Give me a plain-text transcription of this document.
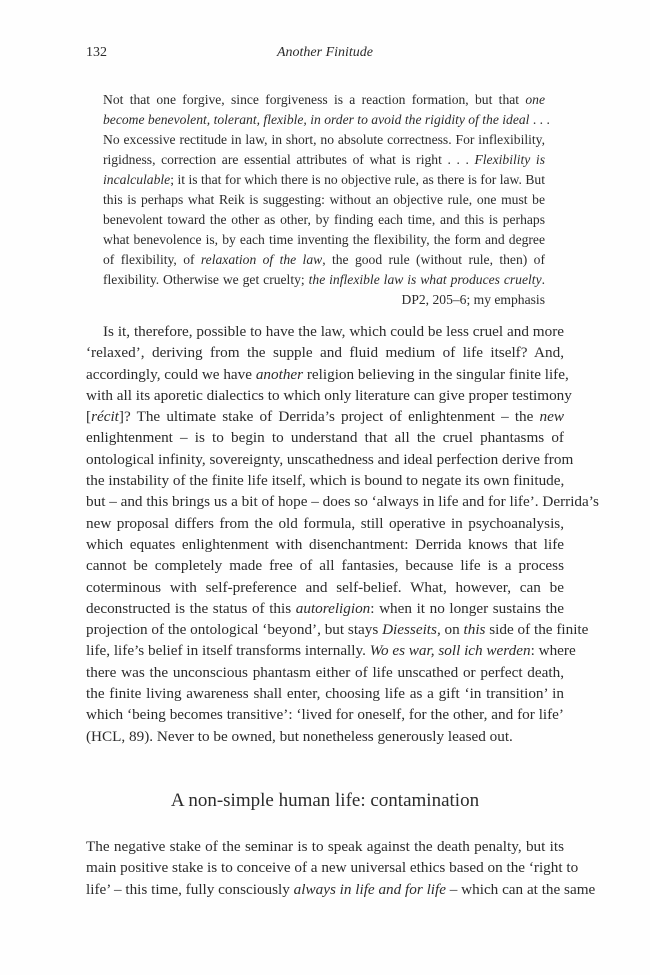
132	Another Finitude
Not that one forgive, since forgiveness is a reaction formation, but that one
become benevolent, tolerant, flexible, in order to avoid the rigidity of the ideal . . .
No excessive rectitude in law, in short, no absolute correctness. For inflexibility,
rigidness, correction are essential attributes of what is right . . . Flexibility is
incalculable; it is that for which there is no objective rule, as there is for law. But
this is perhaps what Reik is suggesting: without an objective rule, one must be
benevolent toward the other as other, by finding each time, and this is perhaps
what benevolence is, by each time inventing the flexibility, the form and degree
of flexibility, of relaxation of the law, the good rule (without rule, then) of
flexibility. Otherwise we get cruelty; the inflexible law is what produces cruelty.
DP2, 205–6; my emphasis
Is it, therefore, possible to have the law, which could be less cruel and more
‘relaxed’, deriving from the supple and fluid medium of life itself? And,
accordingly, could we have another religion believing in the singular finite life,
with all its aporetic dialectics to which only literature can give proper testimony
[récit]? The ultimate stake of Derrida’s project of enlightenment – the new
enlightenment – is to begin to understand that all the cruel phantasms of
ontological infinity, sovereignty, unscathedness and ideal perfection derive from
the instability of the finite life itself, which is bound to negate its own finitude,
but – and this brings us a bit of hope – does so ‘always in life and for life’. Derrida’s
new proposal differs from the old formula, still operative in psychoanalysis,
which equates enlightenment with disenchantment: Derrida knows that life
cannot be completely made free of all fantasies, because life is a process
coterminous with self-preference and self-belief. What, however, can be
deconstructed is the status of this autoreligion: when it no longer sustains the
projection of the ontological ‘beyond’, but stays Diesseits, on this side of the finite
life, life’s belief in itself transforms internally. Wo es war, soll ich werden: where
there was the unconscious phantasm either of life unscathed or perfect death,
the finite living awareness shall enter, choosing life as a gift ‘in transition’ in
which ‘being becomes transitive’: ‘lived for oneself, for the other, and for life’
(HCL, 89). Never to be owned, but nonetheless generously leased out.
A non-simple human life: contamination
The negative stake of the seminar is to speak against the death penalty, but its
main positive stake is to conceive of a new universal ethics based on the ‘right to
life’ – this time, fully consciously always in life and for life – which can at the same
